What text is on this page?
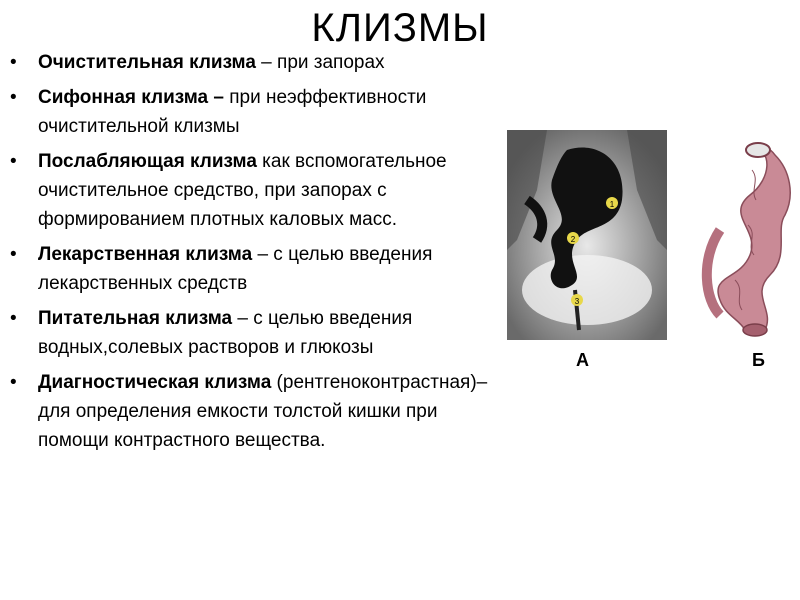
КЛИЗМЫ
• Очистительная клизма – при запорах
• Сифонная клизма – при неэффективности очистительной клизмы
• Послабляющая клизма как вспомогательное очистительное средство, при запорах с формированием плотных каловых масс.
• Лекарственная клизма – с целью введения лекарственных средств
• Питательная клизма – с целью введения водных,солевых растворов и глюкозы
• Диагностическая клизма (рентгеноконтрастная)– для определения емкости толстой кишки при помощи контрастного вещества.
1
2
3
А	Б
